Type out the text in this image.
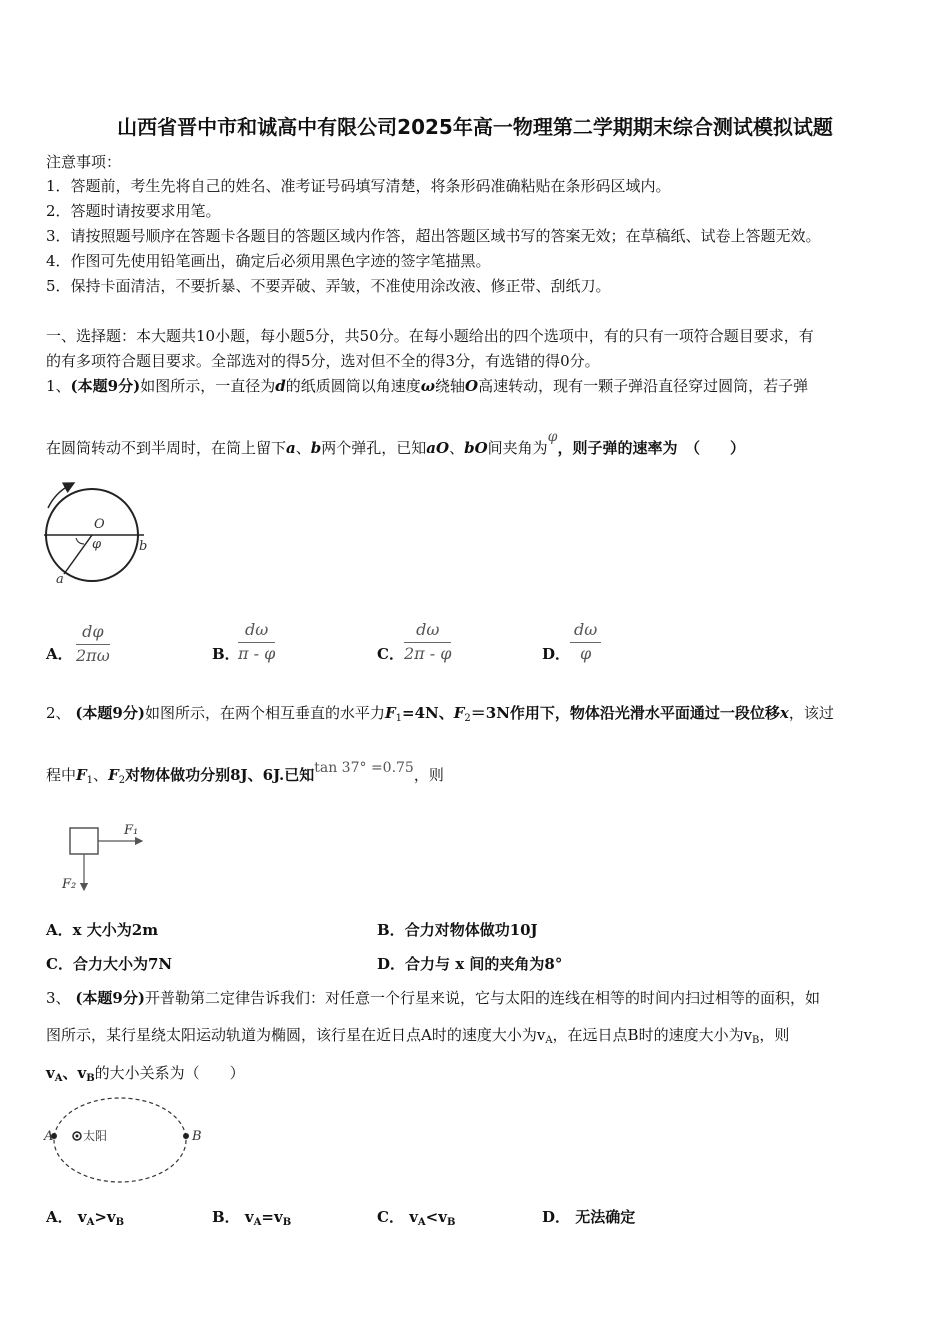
山西省晋中市和诚高中有限公司2025年高一物理第二学期期末综合测试模拟试题
注意事项：
1．答题前，考生先将自己的姓名、准考证号码填写清楚，将条形码准确粘贴在条形码区域内。
2．答题时请按要求用笔。
3．请按照题号顺序在答题卡各题目的答题区域内作答，超出答题区域书写的答案无效；在草稿纸、试卷上答题无效。
4．作图可先使用铅笔画出，确定后必须用黑色字迹的签字笔描黑。
5．保持卡面清洁，不要折暴、不要弄破、弄皱，不准使用涂改液、修正带、刮纸刀。
一、选择题：本大题共10小题，每小题5分，共50分。在每小题给出的四个选项中，有的只有一项符合题目要求，有
的有多项符合题目要求。全部选对的得5分，选对但不全的得3分，有选错的得0分。
1、(本题9分)如图所示，一直径为d的纸质圆筒以角速度ω绕轴O高速转动，现有一颗子弹沿直径穿过圆筒，若子弹
在圆筒转动不到半周时，在筒上留下a、b两个弹孔，已知aO、bO间夹角为φ，则子弹的速率为　（　　）
O
φ
a
b
A． $\frac{d\varphi}{2\pi\omega}$	B．
$\frac{d\omega}{\pi - \varphi}$	C． $\frac{d\omega}{2\pi - \varphi}$	D． $\frac{d\omega}{\varphi}$
2、 (本题9分)如图所示，在两个相互垂直的水平力$F_1=4N$、$F_2=3N$作用下，物体沿光滑水平面通过一段位移x，该过
程中$F_1$、$F_2$对物体做功分别8J、6J.已知tan 37° =0.75，则
F₁
F₂
A．x 大小为2m	B．合力对物体做功10J
C．合力大小为7N	D．合力与 x 间的夹角为8°
3、 (本题9分)开普勒第二定律告诉我们：对任意一个行星来说，它与太阳的连线在相等的时间内扫过相等的面积，如
图所示，某行星绕太阳运动轨道为椭圆，该行星在近日点A时的速度大小为$v_A$，在远日点B时的速度大小为$v_B$，则
$v_A$、$v_B$的大小关系为（　　）
A 太阳	B
A． $v_A>v_B$	B． $v_A=v_B$	C． $v_A<v_B$	D． 无法确定
